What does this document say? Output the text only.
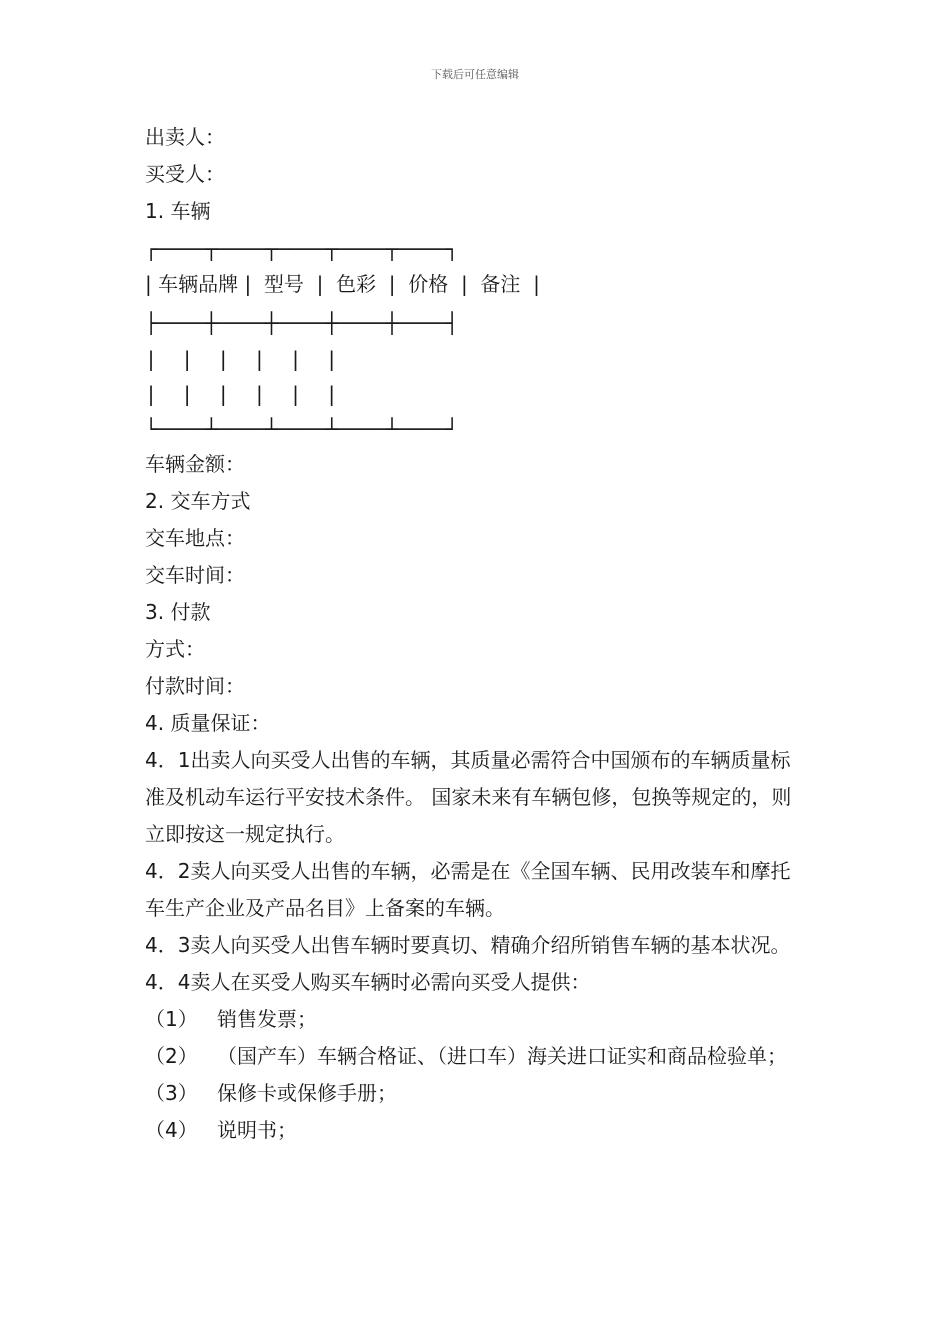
下载后可任意编辑
出卖人：
买受人：
1. 车辆
┌────┬────┬────┬────┬────┐
| 车辆品牌 |  型号  |  色彩  |  价格  |  备注  |
├────┼────┼────┼────┼────┤
|  |  |  |  |  |
|  |  |  |  |  |
└────┴────┴────┴────┴────┘
车辆金额：
2. 交车方式
交车地点：
交车时间：
3. 付款
方式：
付款时间：
4. 质量保证：
4．1出卖人向买受人出售的车辆，其质量必需符合中国颁布的车辆质量标准及机动车运行平安技术条件。 国家未来有车辆包修，包换等规定的，则立即按这一规定执行。
4．2卖人向买受人出售的车辆，必需是在《全国车辆、民用改装车和摩托车生产企业及产品名目》上备案的车辆。
4．3卖人向买受人出售车辆时要真切、精确介绍所销售车辆的基本状况。
4．4卖人在买受人购买车辆时必需向买受人提供：
（1） 销售发票；
（2） （国产车）车辆合格证、（进口车）海关进口证实和商品检验单；
（3） 保修卡或保修手册；
（4） 说明书；
